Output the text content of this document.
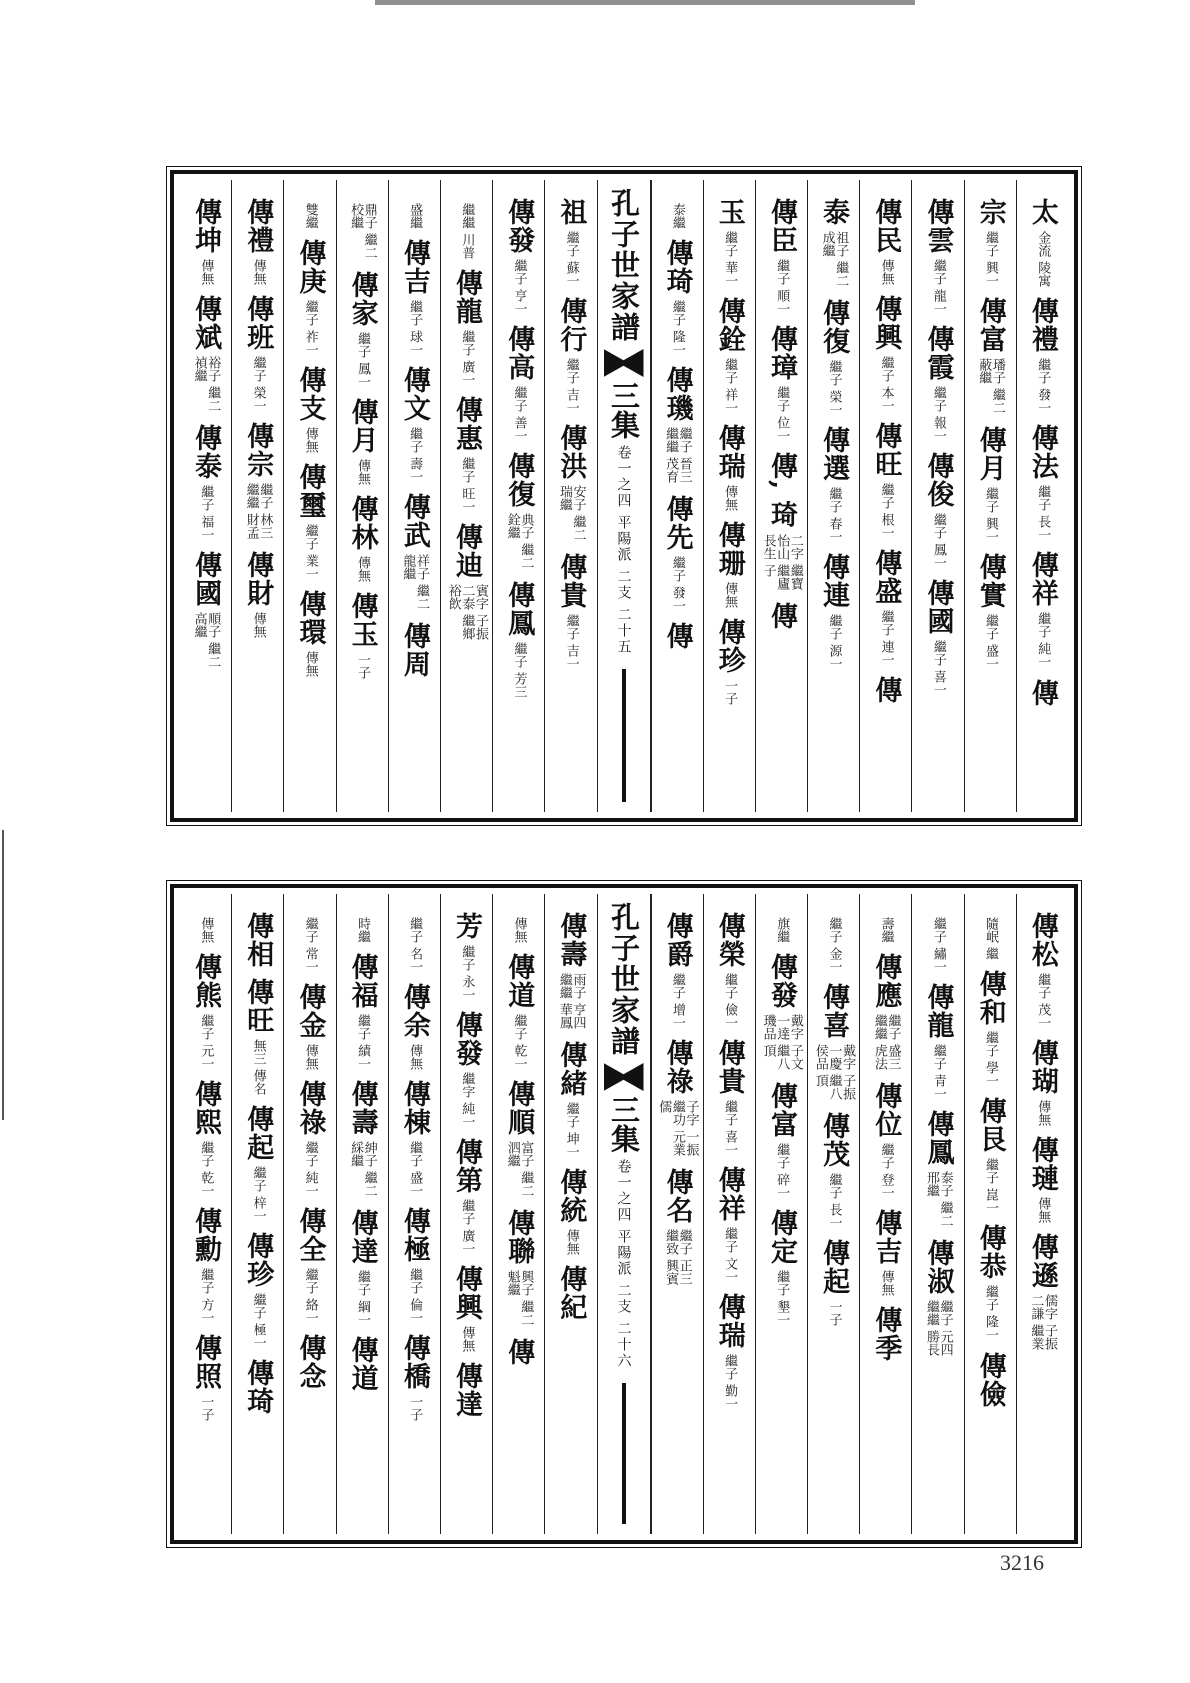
太
金流 陵寓
傳禮
繼子 發一
傳法
繼子 長一
傳祥
繼子 純一
傳
宗
繼子 興一
傳富
璠子 繼二 蔽繼
傳月
繼子 興一
傳實
繼子 盛一
傳雲
繼子 龍一
傳霞
繼子 報一
傳俊
繼子 鳳一
傳國
繼子 喜一
傳民
傳無
傳興
繼子 本一
傳旺
繼子 根一
傳盛
繼子 連一
傳
泰
祖子 繼二 成繼
傳復
繼子 榮一
傳選
繼子 春一
傳連
繼子 源一
傳臣
繼子 順一
傳璋
繼子 位一
傳, 琦
二字 繼寶 怡山 繼廬 長生 子
傳
玉
繼子 華一
傳銓
繼子 祥一
傳瑞
傳無
傳珊
傳無
傳珍
一子
泰繼
傳琦
繼子 隆一
傳璣
繼子 晉三 繼繼 茂育
傳先
繼子 發一
傳
孔子世家譜
三集
卷一之四
平陽派
二支
二十五
祖
繼子 蘇一
傳行
繼子 吉一
傳洪
安子 繼二 瑞繼
傳貴
繼子 吉一
傳發
繼子 亨一
傳高
繼子 善一
傳復
典子 繼二 銓繼
傳鳳
繼子 芳三
繼繼 川普
傳龍
繼子 廣一
傳惠
繼子 旺一
傳迪
賓字 子振 二泰 繼鄉 裕飲
盛繼
傳吉
繼子 球一
傳文
繼子 壽一
傳武
祥子 繼二 龍繼
傳周
鼎子 繼二 校繼
傳家
繼子 鳳一
傳月
傳無
傳林
傳無
傳玉
一子
雙繼
傳庚
繼子 祚一
傳支
傳無
傳璽
繼子 業一
傳環
傳無
傳禮
傳無
傳班
繼子 榮一
傳宗
繼子 林三 繼繼 財孟
傳財
傳無
傳坤
傳無
傳斌
裕子 繼二 禎繼
傳泰
繼子 福一
傳國
順子 繼二 高繼
傳松
繼子 茂一
傳瑚
傳無
傳璉
傳無
傳遜
儒字 子振 二謙 繼業
隨岷 繼
傳和
繼子 學一
傳艮
繼子 崑一
傳恭
繼子 隆一
傳儉
繼子 繡一
傳龍
繼子 青一
傳鳳
泰子 繼二 邢繼
傳淑
繼子 元四 繼繼 勝長
壽繼
傳應
繼子 盛三 繼繼 虎法
傳位
繼子 登一
傳吉
傳無
傳季
繼子 金一
傳喜
戴字 子振 一慶 繼八 侯品 頂
傳茂
繼子 長一
傳起
一子
旗繼
傳發
戴字 子文 一達 繼八 璣品 頂
傳富
繼子 碎一
傳定
繼子 墾一
傳榮
繼子 儉一
傳貴
繼子 喜一
傳祥
繼子 文一
傳瑞
繼子 勤一
傳爵
繼子 增一
傳祿
子字 一振 繼功 元業 儒
傳名
繼子 正三 繼致 興賓
孔子世家譜
三集
卷一之四
平陽派
二支
二十六
傳壽
雨子 亨四 繼繼 華鳳
傳緒
繼子 坤一
傳統
傳無
傳紀
傳無
傳道
繼子 乾一
傳順
富子 繼二 泗繼
傳聯
興子 繼二 魁繼
傳
芳
繼子 永一
傳發
繼字 純一
傳第
繼子 廣一
傳興
傳無
傳達
繼子 名一
傳余
傳無
傳棟
繼子 盛一
傳極
繼子 倫一
傳橋
一子
時繼
傳福
繼子 績一
傳壽
紳子 繼二 綵繼
傳達
繼子 綱一
傳道
繼子 常一
傳金
傳無
傳祿
繼子 純一
傳全
繼子 絡一
傳念
傳相
傳旺
無三 傳名
傳起
繼子 梓一
傳珍
繼子 極一
傳琦
傳無
傳熊
繼子 元一
傳熙
繼子 乾一
傳勳
繼子 方一
傳照
一子
3216
